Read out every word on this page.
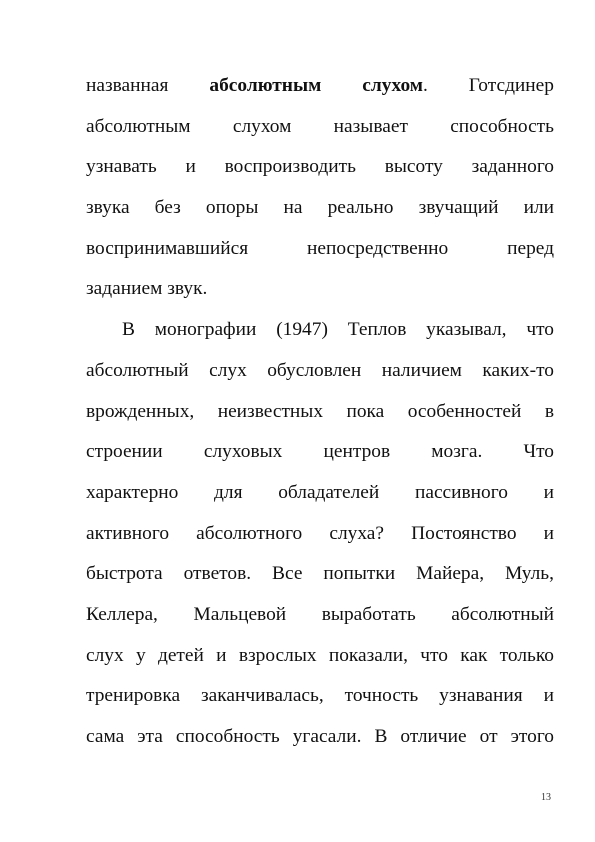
названная абсолютным слухом. Готсдинер
абсолютным слухом называет способность
узнавать и воспроизводить высоту заданного
звука без опоры на реально звучащий или
воспринимавшийся непосредственно перед
заданием звук.
В монографии (1947) Теплов указывал, что
абсолютный слух обусловлен наличием каких-то
врожденных, неизвестных пока особенностей в
строении слуховых центров мозга. Что
характерно для обладателей пассивного и
активного абсолютного слуха? Постоянство и
быстрота ответов. Все попытки Майера, Муль,
Келлера, Мальцевой выработать абсолютный
слух у детей и взрослых показали, что как только
тренировка заканчивалась, точность узнавания и
сама эта способность угасали. В отличие от этого
13
